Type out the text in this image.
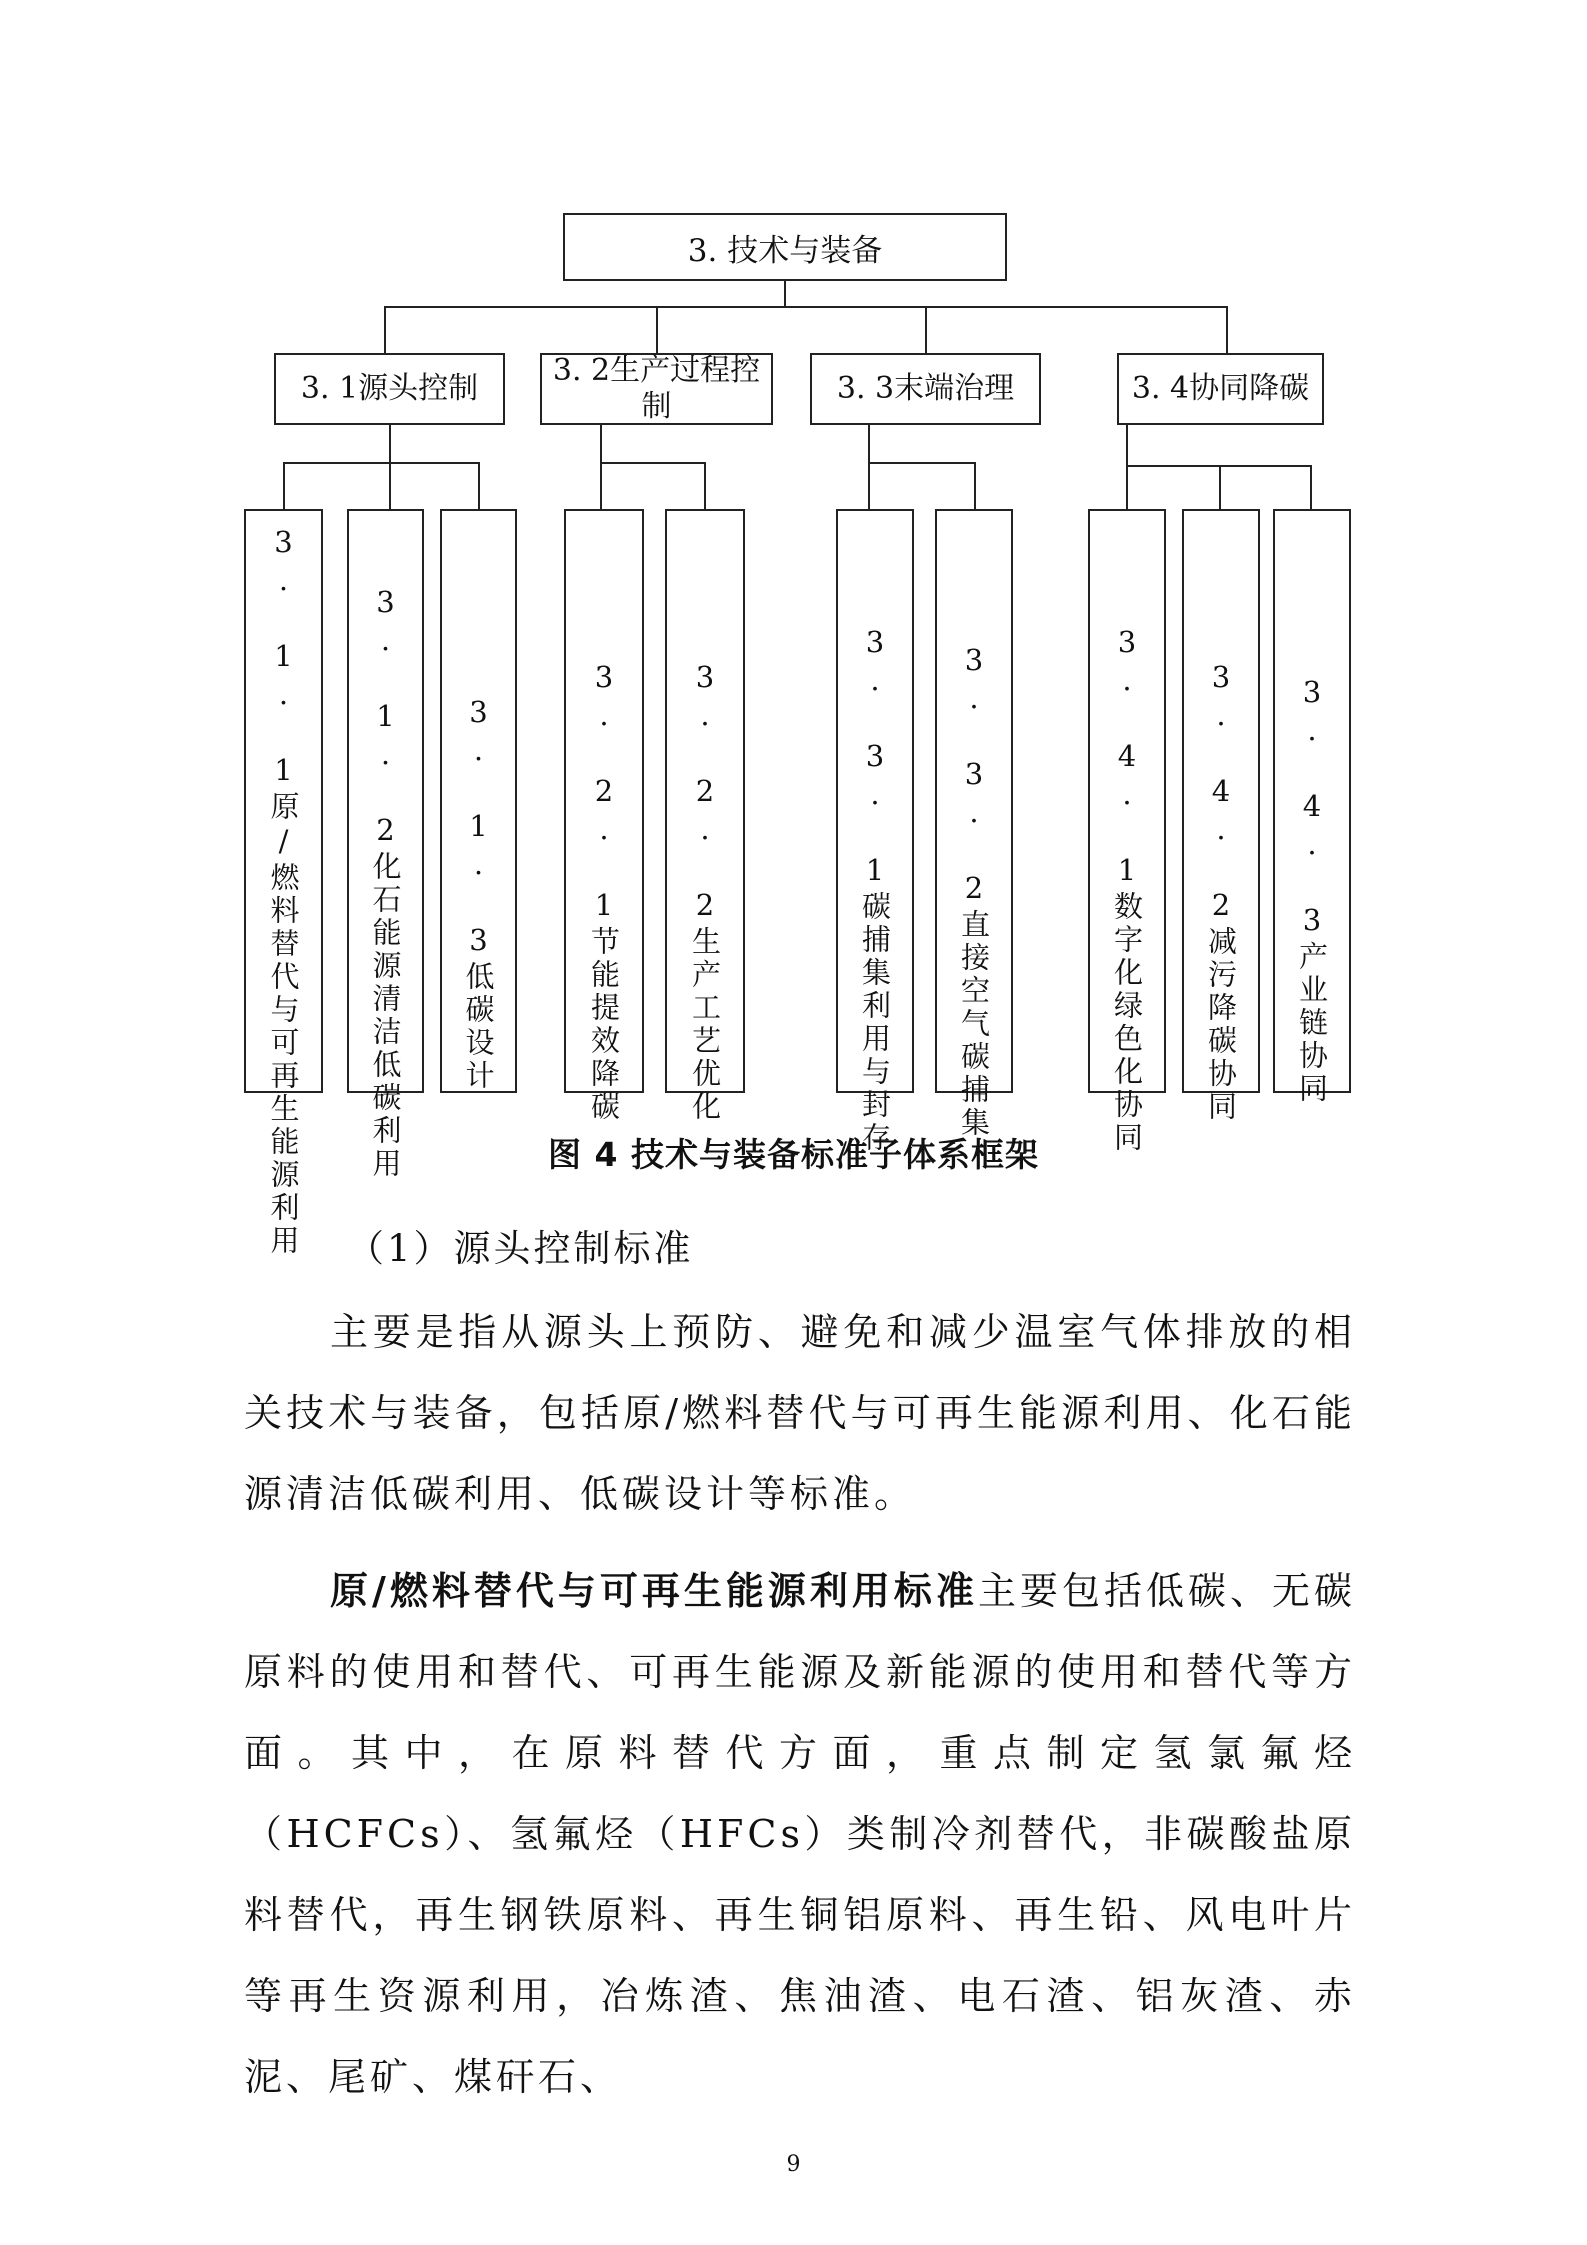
3. 技术与装备
3. 1源头控制
3. 2生产过程控制
3. 3末端治理	3. 4协同降碳
3. 1. 1原/燃料替代与可再生能源利用 3. 1. 2化石能源清洁低碳利用 3. 1. 3低碳设计	3. 2. 1节能提效降碳 3. 2. 2生产工艺优化	3. 3. 1碳捕集利用与封存 3. 3. 2直接空气碳捕集	3. 4. 1数字化绿色化协同 3. 4. 2减污降碳协同 3. 4. 3产业链协同
图 4 技术与装备标准子体系框架
（1）源头控制标准

主要是指从源头上预防、避免和减少温室气体排放的相关技术与装备，包括原/燃料替代与可再生能源利用、化石能源清洁低碳利用、低碳设计等标准。

原/燃料替代与可再生能源利用标准主要包括低碳、无碳原料的使用和替代、可再生能源及新能源的使用和替代等方面。其中，在原料替代方面，重点制定氢氯氟烃（HCFCs）、氢氟烃（HFCs）类制冷剂替代，非碳酸盐原料替代，再生钢铁原料、再生铜铝原料、再生铅、风电叶片等再生资源利用，冶炼渣、焦油渣、电石渣、铝灰渣、赤泥、尾矿、煤矸石、

9
